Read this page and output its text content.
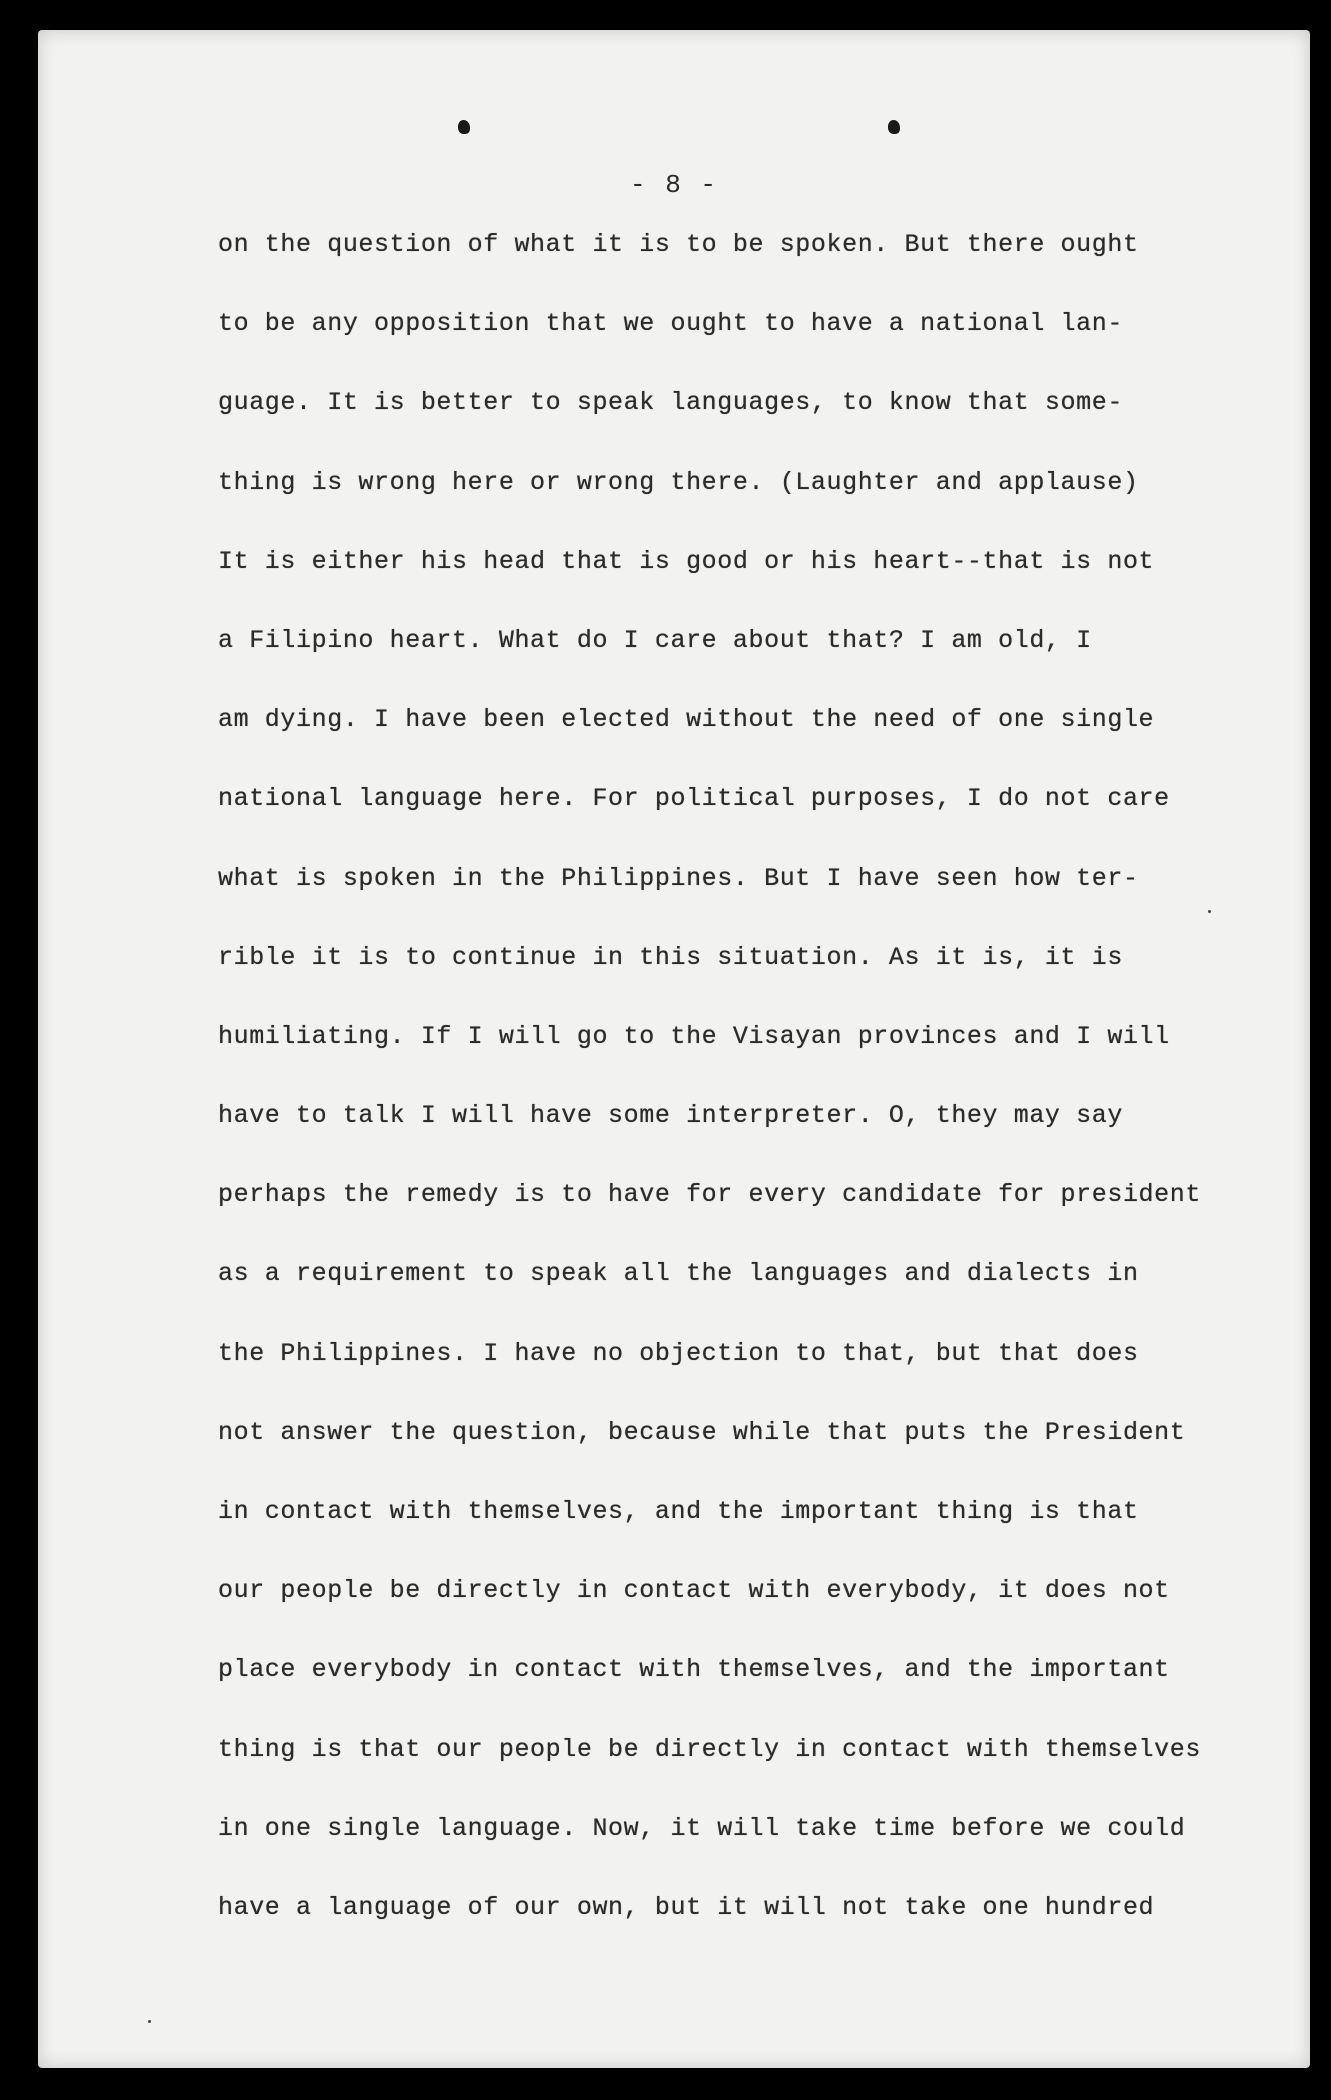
- 8 -
on the question of what it is to be spoken. But there ought
to be any opposition that we ought to have a national lan-
guage. It is better to speak languages, to know that some-
thing is wrong here or wrong there. (Laughter and applause)
It is either his head that is good or his heart--that is not
a Filipino heart. What do I care about that? I am old, I
am dying. I have been elected without the need of one single
national language here. For political purposes, I do not care
what is spoken in the Philippines. But I have seen how ter-
rible it is to continue in this situation. As it is, it is
humiliating. If I will go to the Visayan provinces and I will
have to talk I will have some interpreter. O, they may say
perhaps the remedy is to have for every candidate for president
as a requirement to speak all the languages and dialects in
the Philippines. I have no objection to that, but that does
not answer the question, because while that puts the President
in contact with themselves, and the important thing is that
our people be directly in contact with everybody, it does not
place everybody in contact with themselves, and the important
thing is that our people be directly in contact with themselves
in one single language. Now, it will take time before we could
have a language of our own, but it will not take one hundred
